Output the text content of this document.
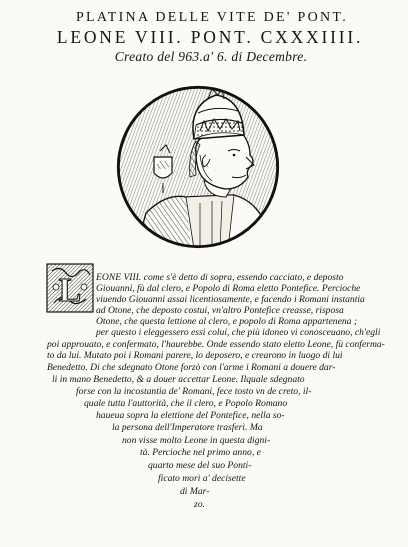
PLATINA DELLE VITE DE' PONT.
LEONE VIII. PONT. CXXXIIII.
Creato del 963.a' 6. di Decembre.
L EONE VIII. come s'è detto di sopra, essendo cacciato, e deposto
Giouanni, fù dal clero, e Popolo di Roma eletto Pontefice. Percioche
viuendo Giouanni assai licentiosamente, e facendo i Romani instantia
ad Otone, che deposto costui, vn'altro Pontefice creasse, risposa
Otone, che questa lettione al clero, e popolo di Roma appartenena ;
per questo i eleggessero essi colui, che più idoneo vi conosceuano, ch'egli
poi approuato, e confermato, l'haurebbe. Onde essendo stato eletto Leone, fù conferma-
to da lui. Mutato poi i Romani parere, lo deposero, e crearono in luogo di lui
Benedetto. Di che sdegnato Otone forzò con l'arme i Romani a douere dar-
li in mano Benedetto, & a douer accettar Leone. Ilquale sdegnato
forse con la incostantia de' Romani, fece tosto vn de creto, il-
quale tutta l'auttorità, che il clero, e Popolo Romano
haueua sopra la elettione del Pontefice, nella so-
la persona dell'Imperatore trasferì. Ma
non visse molto Leone in questa digni-
tà. Percioche nel primo anno, e
quarto mese del suo Ponti-
ficato morì a' decisette
di Mar-
zo.
